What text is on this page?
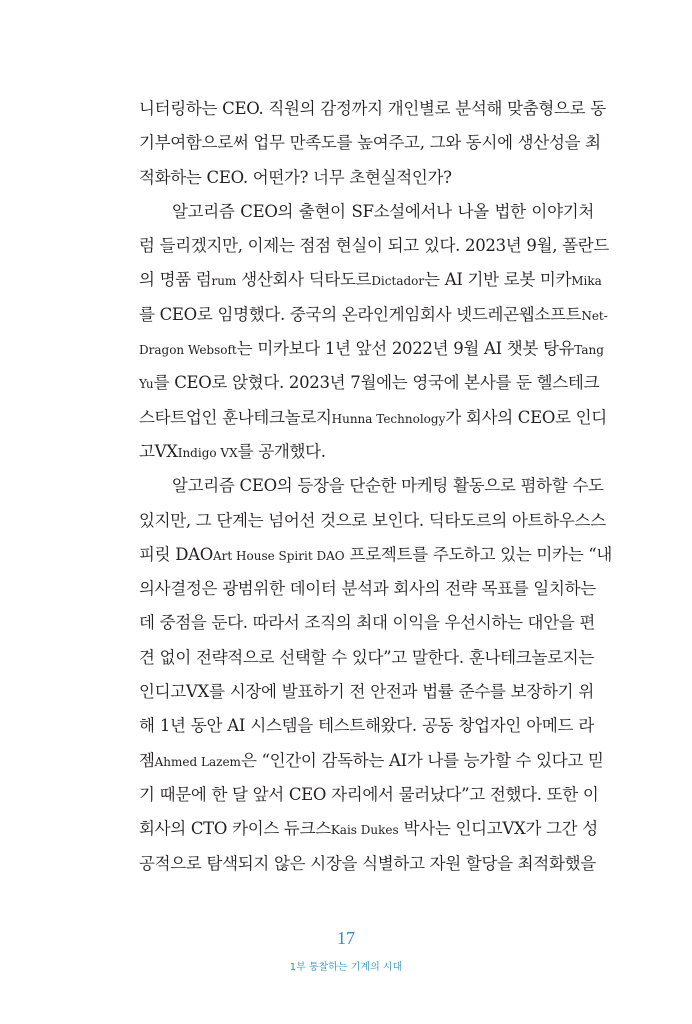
니터링하는 CEO. 직원의 감정까지 개인별로 분석해 맞춤형으로 동
기부여함으로써 업무 만족도를 높여주고, 그와 동시에 생산성을 최
적화하는 CEO. 어떤가? 너무 초현실적인가?
알고리즘 CEO의 출현이 SF소설에서나 나올 법한 이야기처
럼 들리겠지만, 이제는 점점 현실이 되고 있다. 2023년 9월, 폴란드
의 명품 럼rum 생산회사 딕타도르Dictador는 AI 기반 로봇 미카Mika
를 CEO로 임명했다. 중국의 온라인게임회사 넷드레곤웹소프트Net-
Dragon Websoft는 미카보다 1년 앞선 2022년 9월 AI 챗봇 탕유Tang
Yu를 CEO로 앉혔다. 2023년 7월에는 영국에 본사를 둔 헬스테크
스타트업인 훈나테크놀로지Hunna Technology가 회사의 CEO로 인디
고VXIndigo VX를 공개했다.
알고리즘 CEO의 등장을 단순한 마케팅 활동으로 폄하할 수도
있지만, 그 단계는 넘어선 것으로 보인다. 딕타도르의 아트하우스스
피릿 DAOArt House Spirit DAO 프로젝트를 주도하고 있는 미카는 “내
의사결정은 광범위한 데이터 분석과 회사의 전략 목표를 일치하는
데 중점을 둔다. 따라서 조직의 최대 이익을 우선시하는 대안을 편
견 없이 전략적으로 선택할 수 있다”고 말한다. 훈나테크놀로지는
인디고VX를 시장에 발표하기 전 안전과 법률 준수를 보장하기 위
해 1년 동안 AI 시스템을 테스트해왔다. 공동 창업자인 아메드 라
젬Ahmed Lazem은 “인간이 감독하는 AI가 나를 능가할 수 있다고 믿
기 때문에 한 달 앞서 CEO 자리에서 물러났다”고 전했다. 또한 이
회사의 CTO 카이스 듀크스Kais Dukes 박사는 인디고VX가 그간 성
공적으로 탐색되지 않은 시장을 식별하고 자원 할당을 최적화했을
17
1부 통찰하는 기계의 시대
